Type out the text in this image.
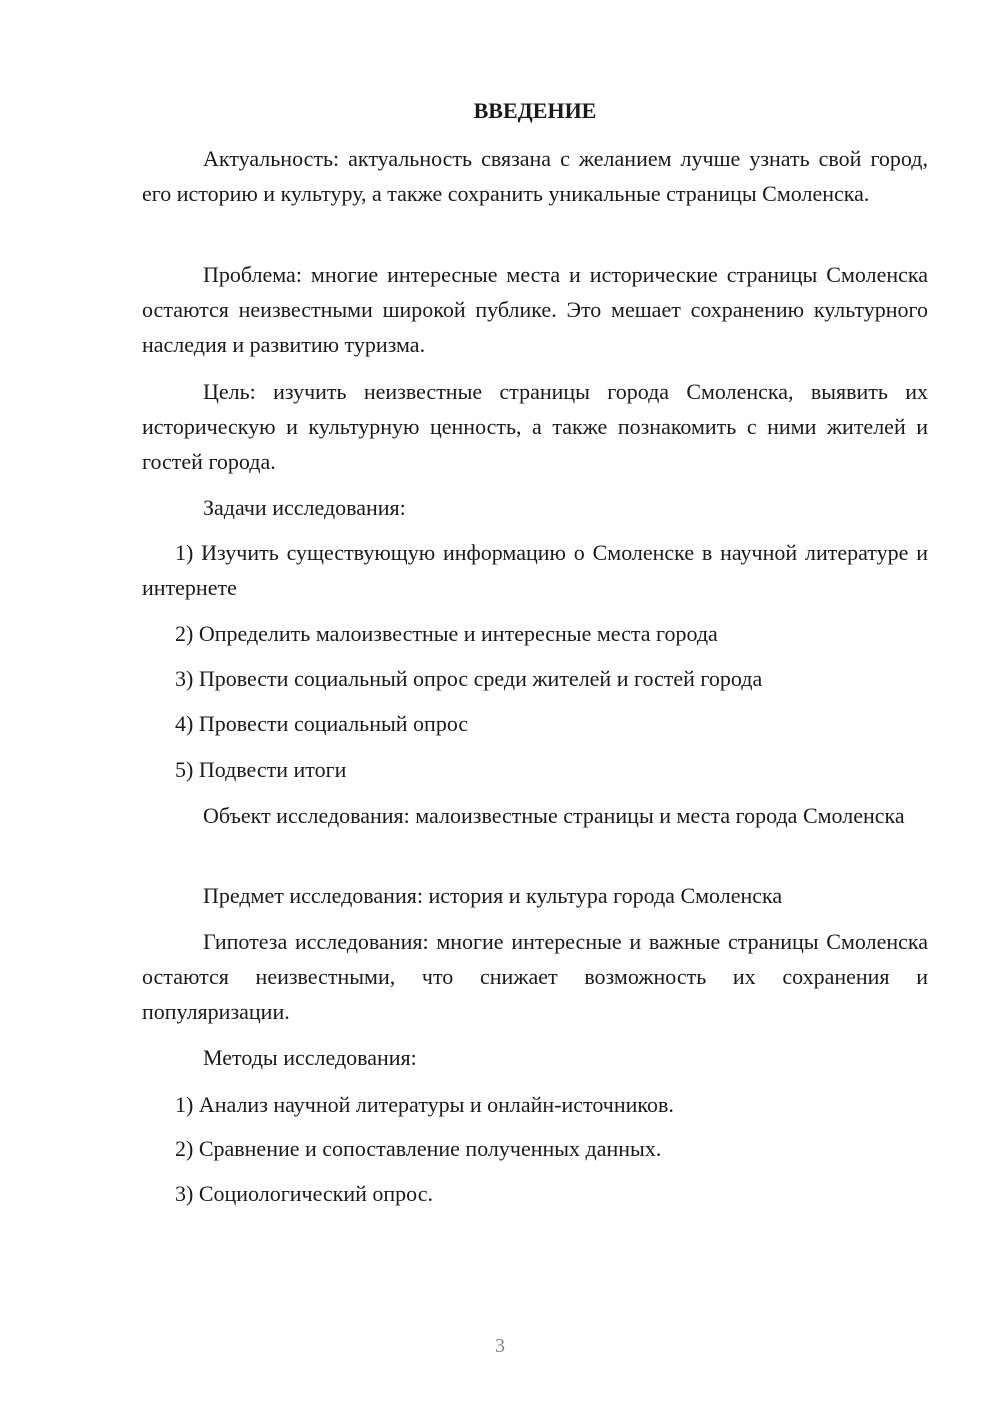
ВВЕДЕНИЕ

Актуальность: актуальность связана с желанием лучше узнать свой город, его историю и культуру, а также сохранить уникальные страницы Смоленска.

Проблема: многие интересные места и исторические страницы Смоленска остаются неизвестными широкой публике. Это мешает сохранению культурного наследия и развитию туризма.

Цель: изучить неизвестные страницы города Смоленска, выявить их историческую и культурную ценность, а также познакомить с ними жителей и гостей города.

Задачи исследования:

1) Изучить существующую информацию о Смоленске в научной литературе и интернете

2) Определить малоизвестные и интересные места города

3) Провести социальный опрос среди жителей и гостей города

4) Провести социальный опрос

5) Подвести итоги

Объект исследования: малоизвестные страницы и места города Смоленска

Предмет исследования: история и культура города Смоленска

Гипотеза исследования: многие интересные и важные страницы Смоленска остаются неизвестными, что снижает возможность их сохранения и популяризации.

Методы исследования:

1) Анализ научной литературы и онлайн-источников.

2) Сравнение и сопоставление полученных данных.

3) Социологический опрос.

3
